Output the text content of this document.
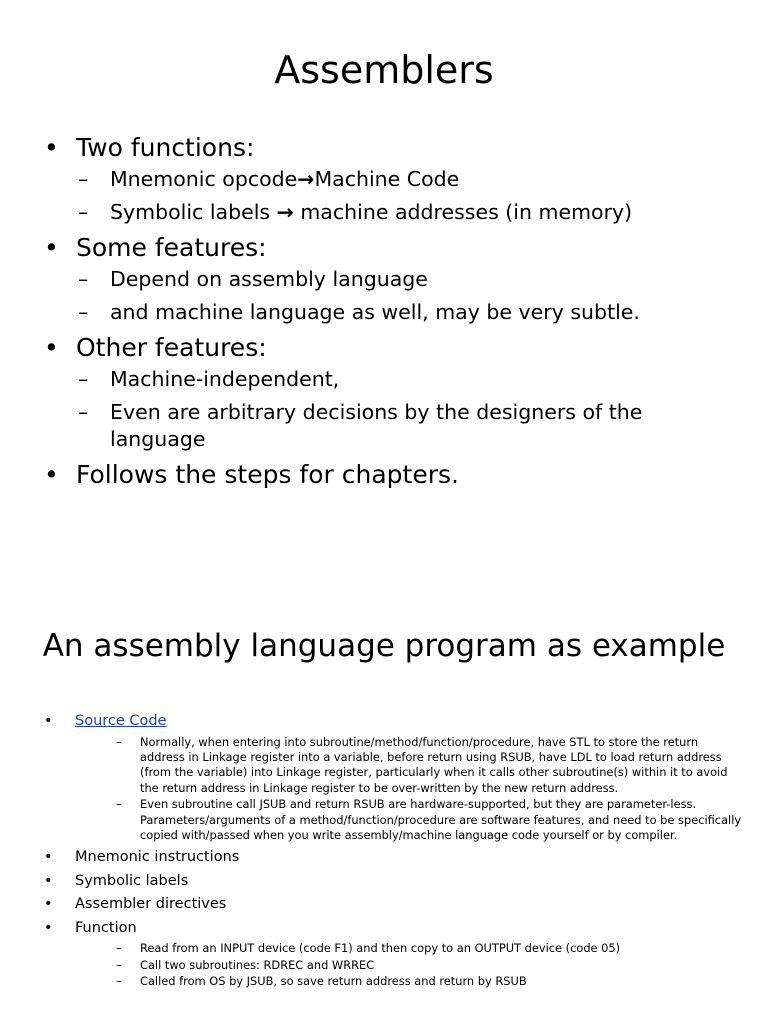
Assemblers
• Two functions:
– Mnemonic opcode→Machine Code
– Symbolic labels → machine addresses (in memory)
• Some features:
– Depend on assembly language
– and machine language as well, may be very subtle.
• Other features:
– Machine-independent,
– Even are arbitrary decisions by the designers of the language
• Follows the steps for chapters.
An assembly language program as example
• Source Code
– Normally, when entering into subroutine/method/function/procedure, have STL to store the return address in Linkage register into a variable, before return using RSUB, have LDL to load return address (from the variable) into Linkage register, particularly when it calls other subroutine(s) within it to avoid the return address in Linkage register to be over-written by the new return address.
– Even subroutine call JSUB and return RSUB are hardware-supported, but they are parameter-less. Parameters/arguments of a method/function/procedure are software features, and need to be specifically copied with/passed when you write assembly/machine language code yourself or by compiler.
• Mnemonic instructions
• Symbolic labels
• Assembler directives
• Function
– Read from an INPUT device (code F1) and then copy to an OUTPUT device (code 05)
– Call two subroutines: RDREC and WRREC
– Called from OS by JSUB, so save return address and return by RSUB
